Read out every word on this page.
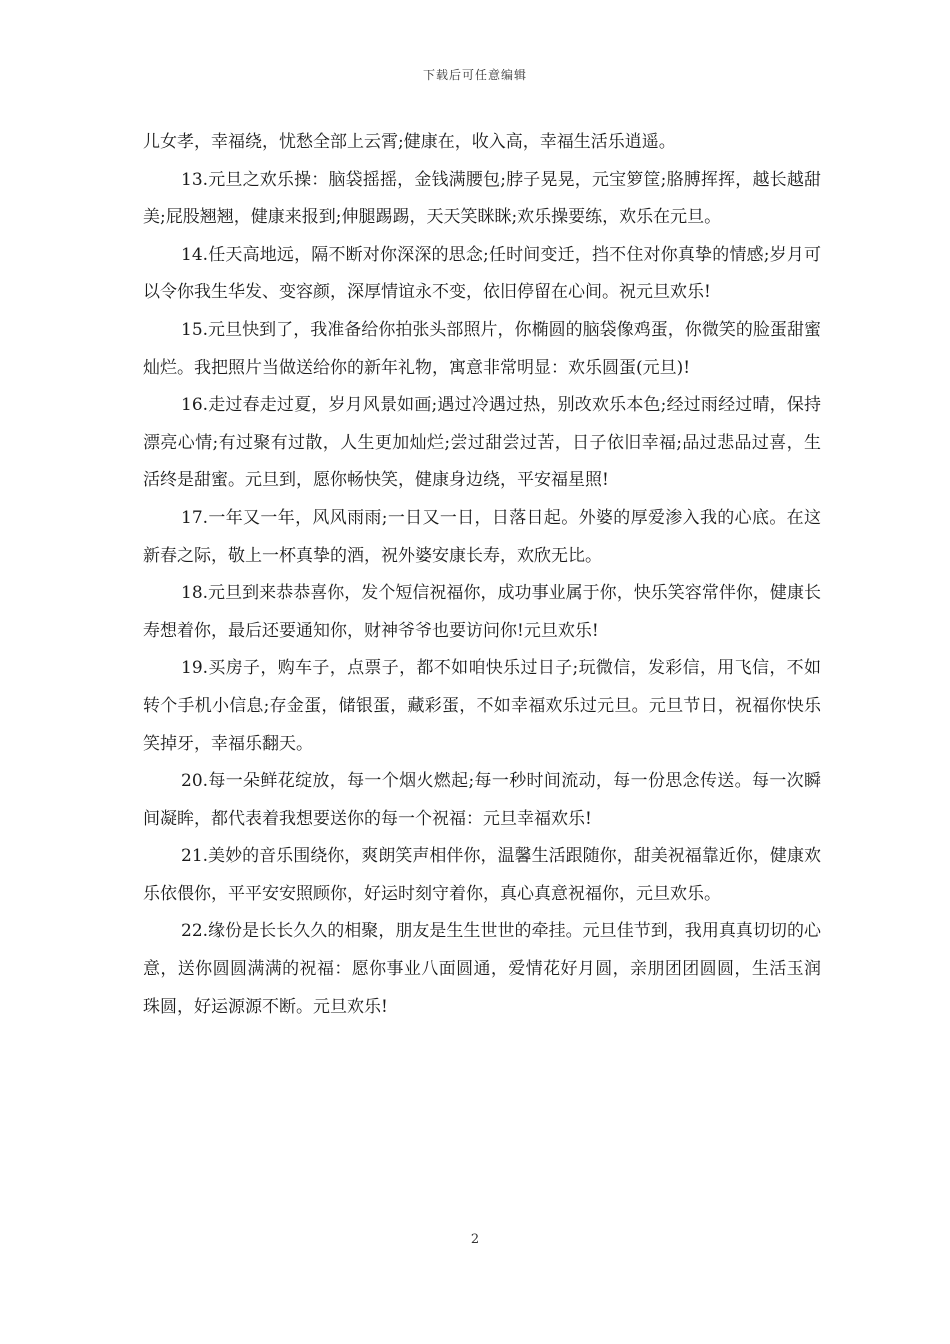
下载后可任意编辑

儿女孝，幸福绕，忧愁全部上云霄;健康在，收入高，幸福生活乐逍遥。

13.元旦之欢乐操：脑袋摇摇，金钱满腰包;脖子晃晃，元宝箩筐;胳膊挥挥，越长越甜美;屁股翘翘，健康来报到;伸腿踢踢，天天笑眯眯;欢乐操要练，欢乐在元旦。

14.任天高地远，隔不断对你深深的思念;任时间变迁，挡不住对你真挚的情感;岁月可以令你我生华发、变容颜，深厚情谊永不变，依旧停留在心间。祝元旦欢乐!

15.元旦快到了，我准备给你拍张头部照片，你椭圆的脑袋像鸡蛋，你微笑的脸蛋甜蜜灿烂。我把照片当做送给你的新年礼物，寓意非常明显：欢乐圆蛋(元旦)!

16.走过春走过夏，岁月风景如画;遇过冷遇过热，别改欢乐本色;经过雨经过晴，保持漂亮心情;有过聚有过散，人生更加灿烂;尝过甜尝过苦，日子依旧幸福;品过悲品过喜，生活终是甜蜜。元旦到，愿你畅快笑，健康身边绕，平安福星照!

17.一年又一年，风风雨雨;一日又一日，日落日起。外婆的厚爱渗入我的心底。在这新春之际，敬上一杯真挚的酒，祝外婆安康长寿，欢欣无比。

18.元旦到来恭恭喜你，发个短信祝福你，成功事业属于你，快乐笑容常伴你，健康长寿想着你，最后还要通知你，财神爷爷也要访问你!元旦欢乐!

19.买房子，购车子，点票子，都不如咱快乐过日子;玩微信，发彩信，用飞信，不如转个手机小信息;存金蛋，储银蛋，藏彩蛋，不如幸福欢乐过元旦。元旦节日，祝福你快乐笑掉牙，幸福乐翻天。

20.每一朵鲜花绽放，每一个烟火燃起;每一秒时间流动，每一份思念传送。每一次瞬间凝眸，都代表着我想要送你的每一个祝福：元旦幸福欢乐!

21.美妙的音乐围绕你，爽朗笑声相伴你，温馨生活跟随你，甜美祝福靠近你，健康欢乐依偎你，平平安安照顾你，好运时刻守着你，真心真意祝福你，元旦欢乐。

22.缘份是长长久久的相聚，朋友是生生世世的牵挂。元旦佳节到，我用真真切切的心意，送你圆圆满满的祝福：愿你事业八面圆通，爱情花好月圆，亲朋团团圆圆，生活玉润珠圆，好运源源不断。元旦欢乐!

2
